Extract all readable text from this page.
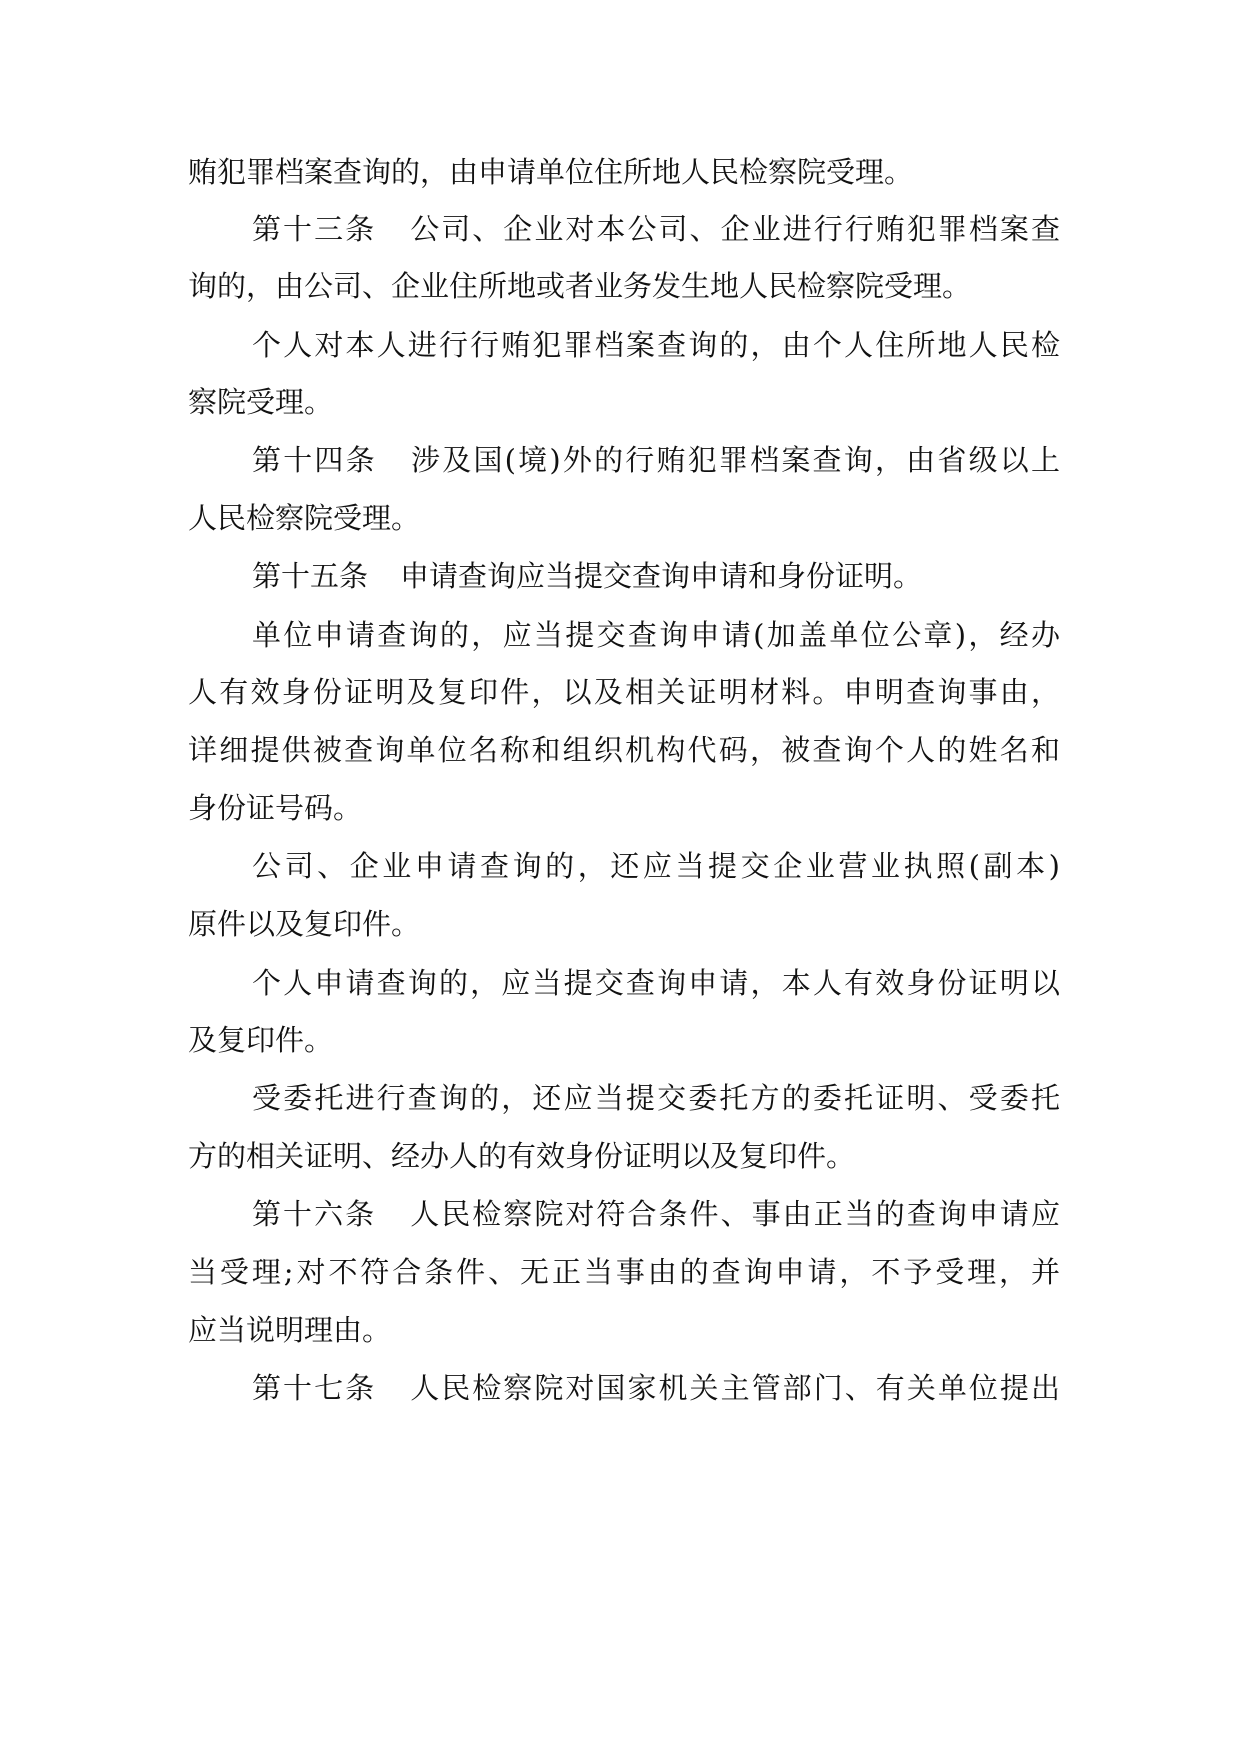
贿犯罪档案查询的，由申请单位住所地人民检察院受理。
第十三条 公司、企业对本公司、企业进行行贿犯罪档案查
询的，由公司、企业住所地或者业务发生地人民检察院受理。
个人对本人进行行贿犯罪档案查询的，由个人住所地人民检
察院受理。
第十四条 涉及国(境)外的行贿犯罪档案查询，由省级以上
人民检察院受理。
第十五条 申请查询应当提交查询申请和身份证明。
单位申请查询的，应当提交查询申请(加盖单位公章)，经办
人有效身份证明及复印件，以及相关证明材料。申明查询事由，
详细提供被查询单位名称和组织机构代码，被查询个人的姓名和
身份证号码。
公司、企业申请查询的，还应当提交企业营业执照(副本)
原件以及复印件。
个人申请查询的，应当提交查询申请，本人有效身份证明以
及复印件。
受委托进行查询的，还应当提交委托方的委托证明、受委托
方的相关证明、经办人的有效身份证明以及复印件。
第十六条 人民检察院对符合条件、事由正当的查询申请应
当受理;对不符合条件、无正当事由的查询申请，不予受理，并
应当说明理由。
第十七条 人民检察院对国家机关主管部门、有关单位提出
